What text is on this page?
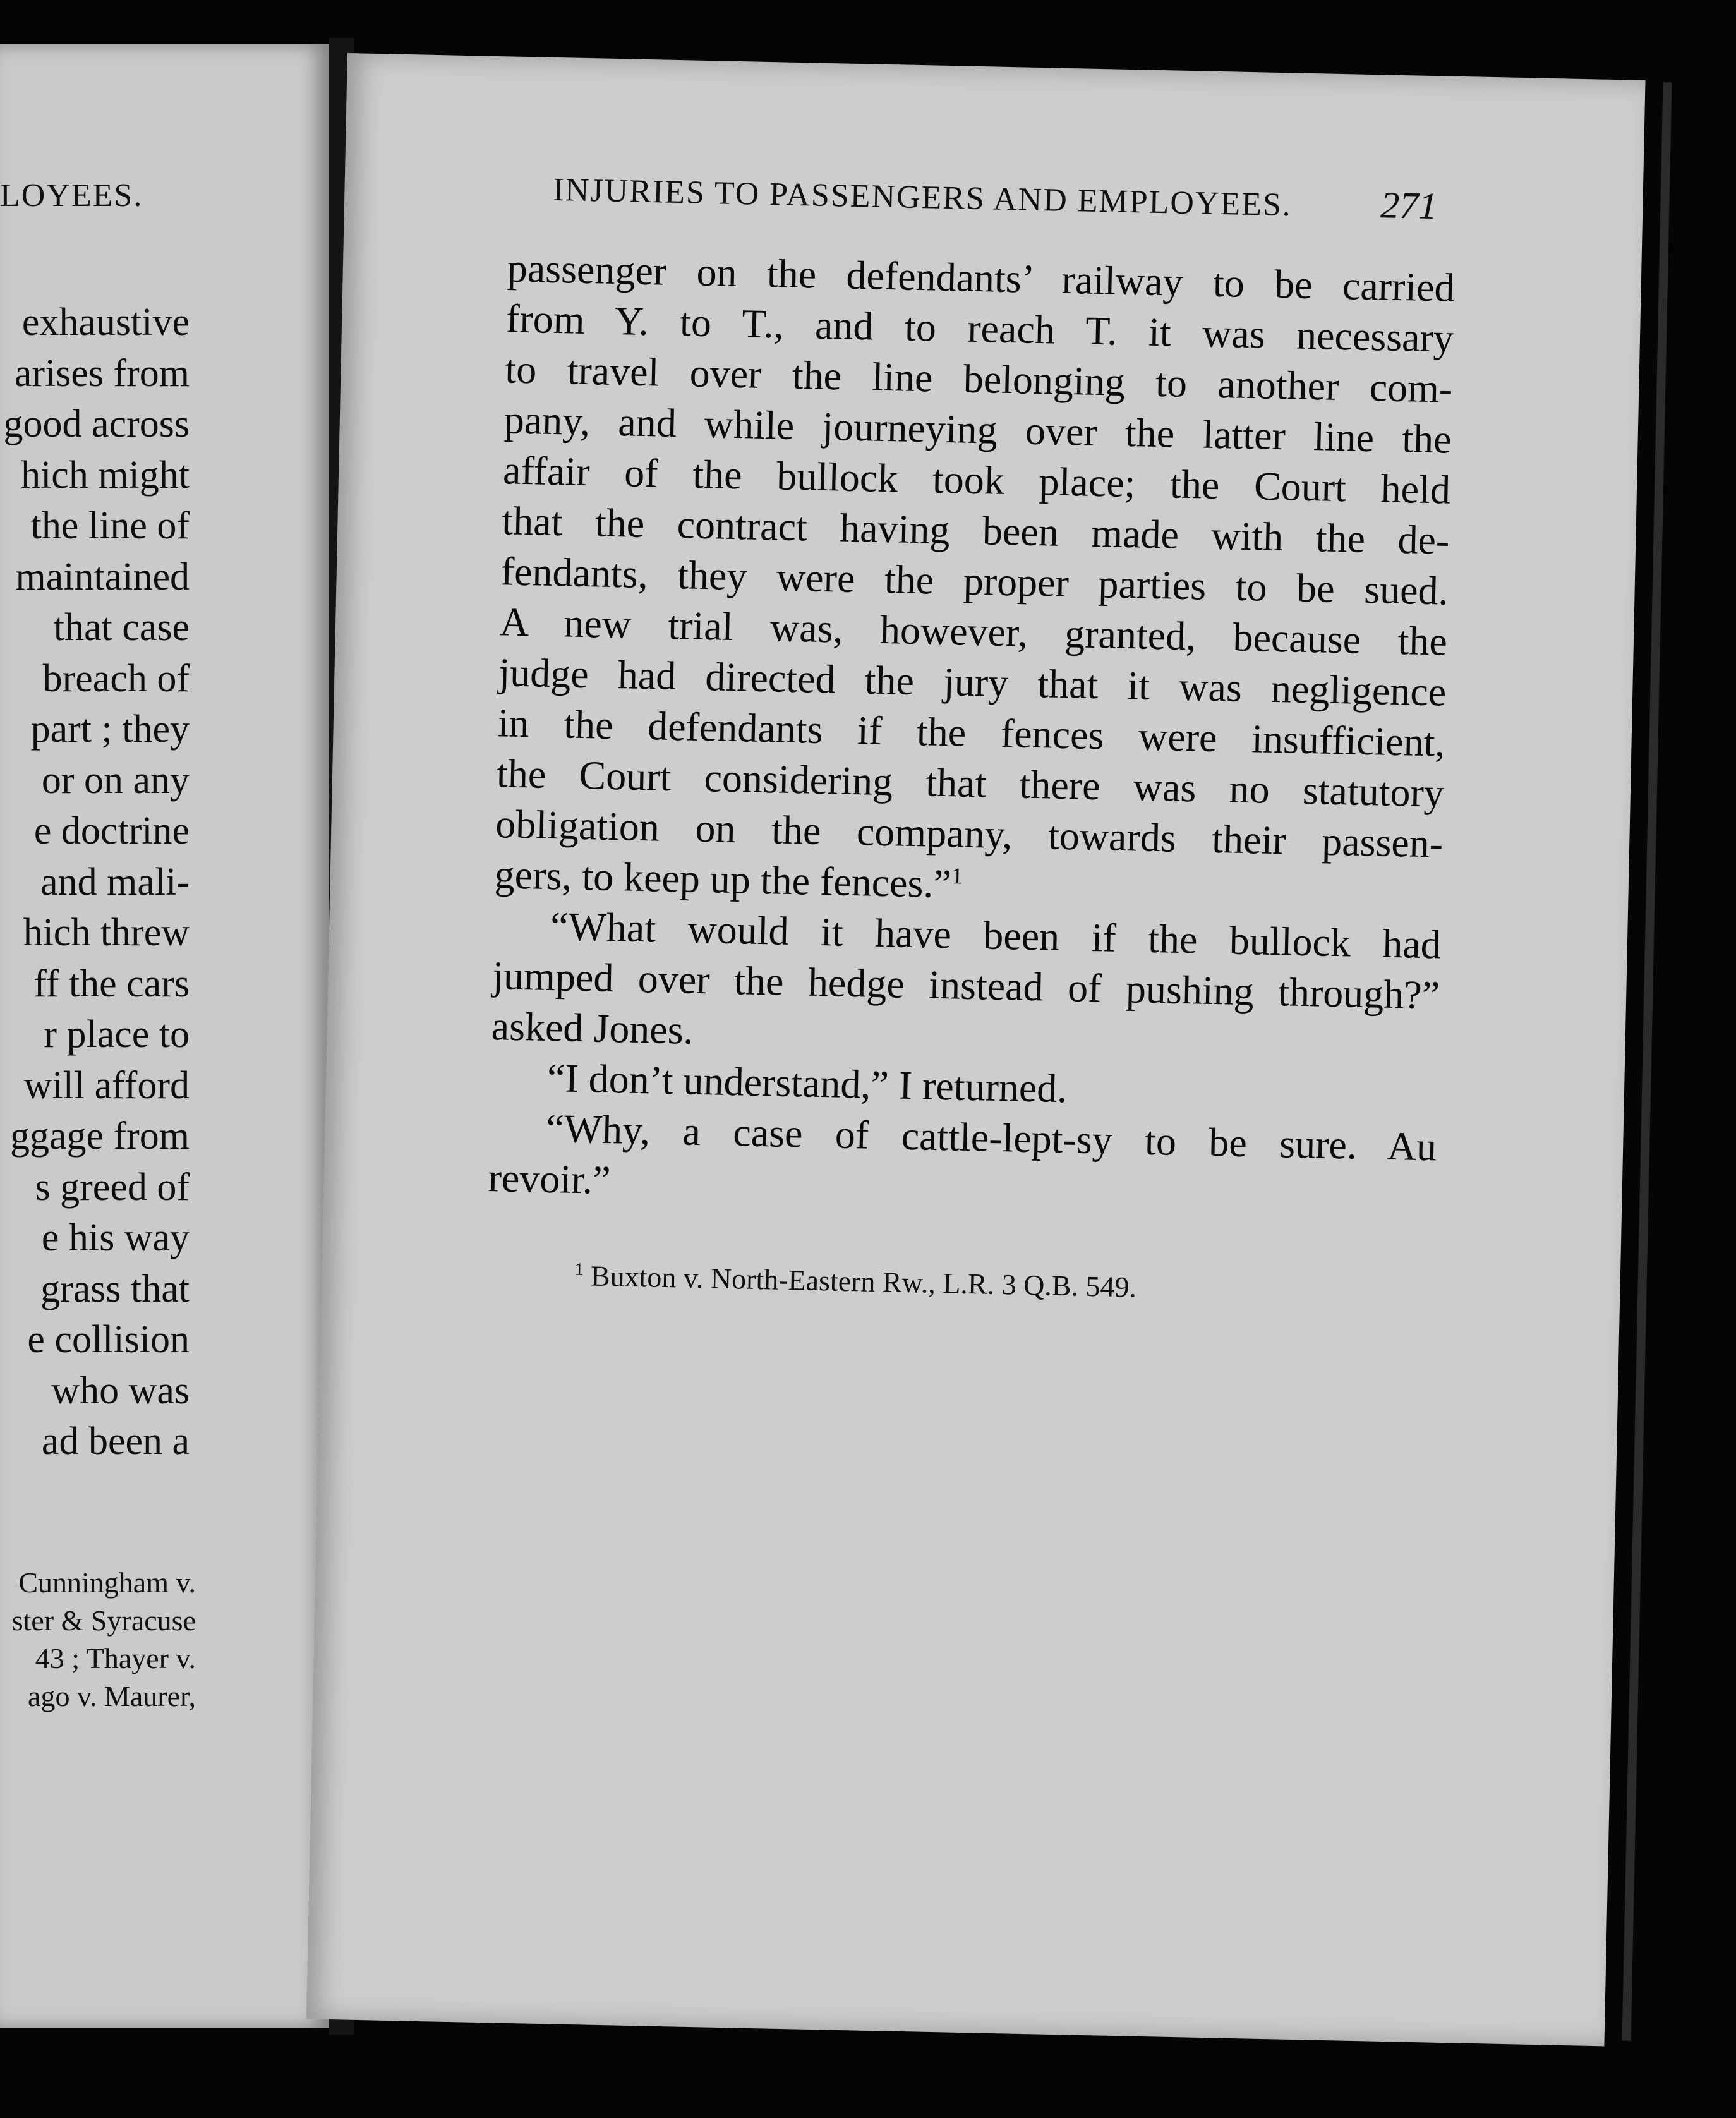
LOYEES.
exhaustive
arises from
good across
hich might
the line of
maintained
that case
breach of
part ; they
or on any
e doctrine
and mali-
hich threw
ff the cars
r place to
will afford
ggage from
s greed of
e his way
grass that
e collision
who was
ad been a
Cunningham v.
ster & Syracuse
43 ; Thayer v.
ago v. Maurer,
INJURIES TO PASSENGERS AND EMPLOYEES.	271
passenger on the defendants’ railway to be carried
from Y. to T., and to reach T. it was necessary
to travel over the line belonging to another com-
pany, and while journeying over the latter line the
affair of the bullock took place; the Court held
that the contract having been made with the de-
fendants, they were the proper parties to be sued.
A new trial was, however, granted, because the
judge had directed the jury that it was negligence
in the defendants if the fences were insufficient,
the Court considering that there was no statutory
obligation on the company, towards their passen-
gers, to keep up the fences.”$^1$
“What would it have been if the bullock had
jumped over the hedge instead of pushing through?”
asked Jones.
“I don’t understand,” I returned.
“Why, a case of cattle-lept-sy to be sure. Au
revoir.”
$^1$ Buxton v. North-Eastern Rw., L.R. 3 Q.B. 549.
